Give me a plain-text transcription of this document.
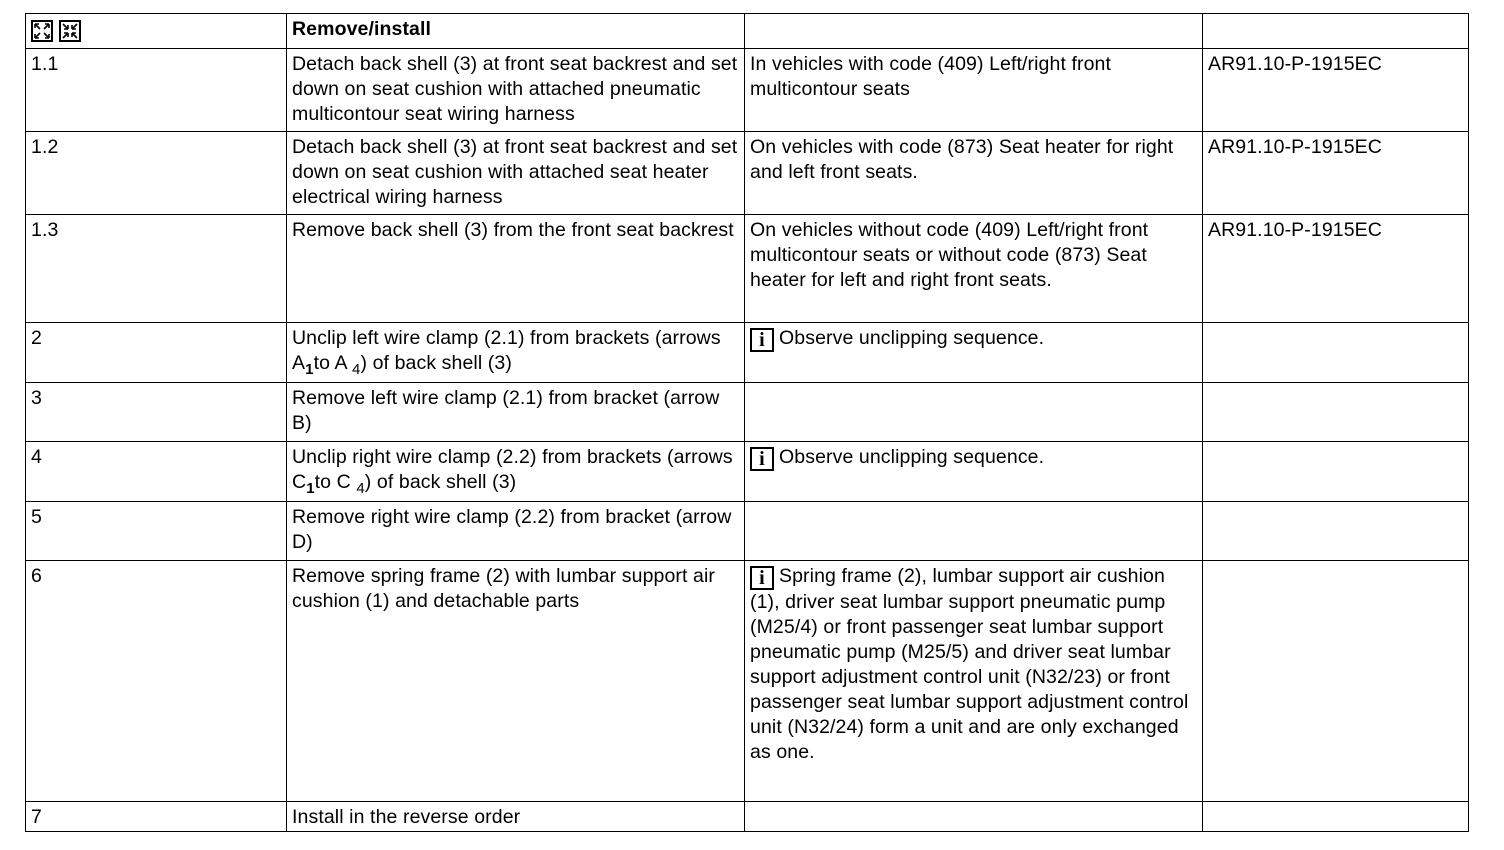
	Remove/install		
1.1	Detach back shell (3) at front seat backrest and set down on seat cushion with attached pneumatic multicontour seat wiring harness	In vehicles with code (409) Left/right front multicontour seats	AR91.10-P-1915EC
1.2	Detach back shell (3) at front seat backrest and set down on seat cushion with attached seat heater electrical wiring harness	On vehicles with code (873) Seat heater for right and left front seats.	AR91.10-P-1915EC
1.3	Remove back shell (3) from the front seat backrest	On vehicles without code (409) Left/right front multicontour seats or without code (873) Seat heater for left and right front seats.	AR91.10-P-1915EC
2	Unclip left wire clamp (2.1) from brackets (arrows $A_1to$ A $_4$) of back shell (3)	i Observe unclipping sequence.	
3	Remove left wire clamp (2.1) from bracket (arrow B)		
4	Unclip right wire clamp (2.2) from brackets (arrows $C_1to$ C $_4$) of back shell (3)	i Observe unclipping sequence.	
5	Remove right wire clamp (2.2) from bracket (arrow D)		
6	Remove spring frame (2) with lumbar support air cushion (1) and detachable parts	i Spring frame (2), lumbar support air cushion (1), driver seat lumbar support pneumatic pump (M25/4) or front passenger seat lumbar support pneumatic pump (M25/5) and driver seat lumbar support adjustment control unit (N32/23) or front passenger seat lumbar support adjustment control unit (N32/24) form a unit and are only exchanged as one.	
7	Install in the reverse order		
